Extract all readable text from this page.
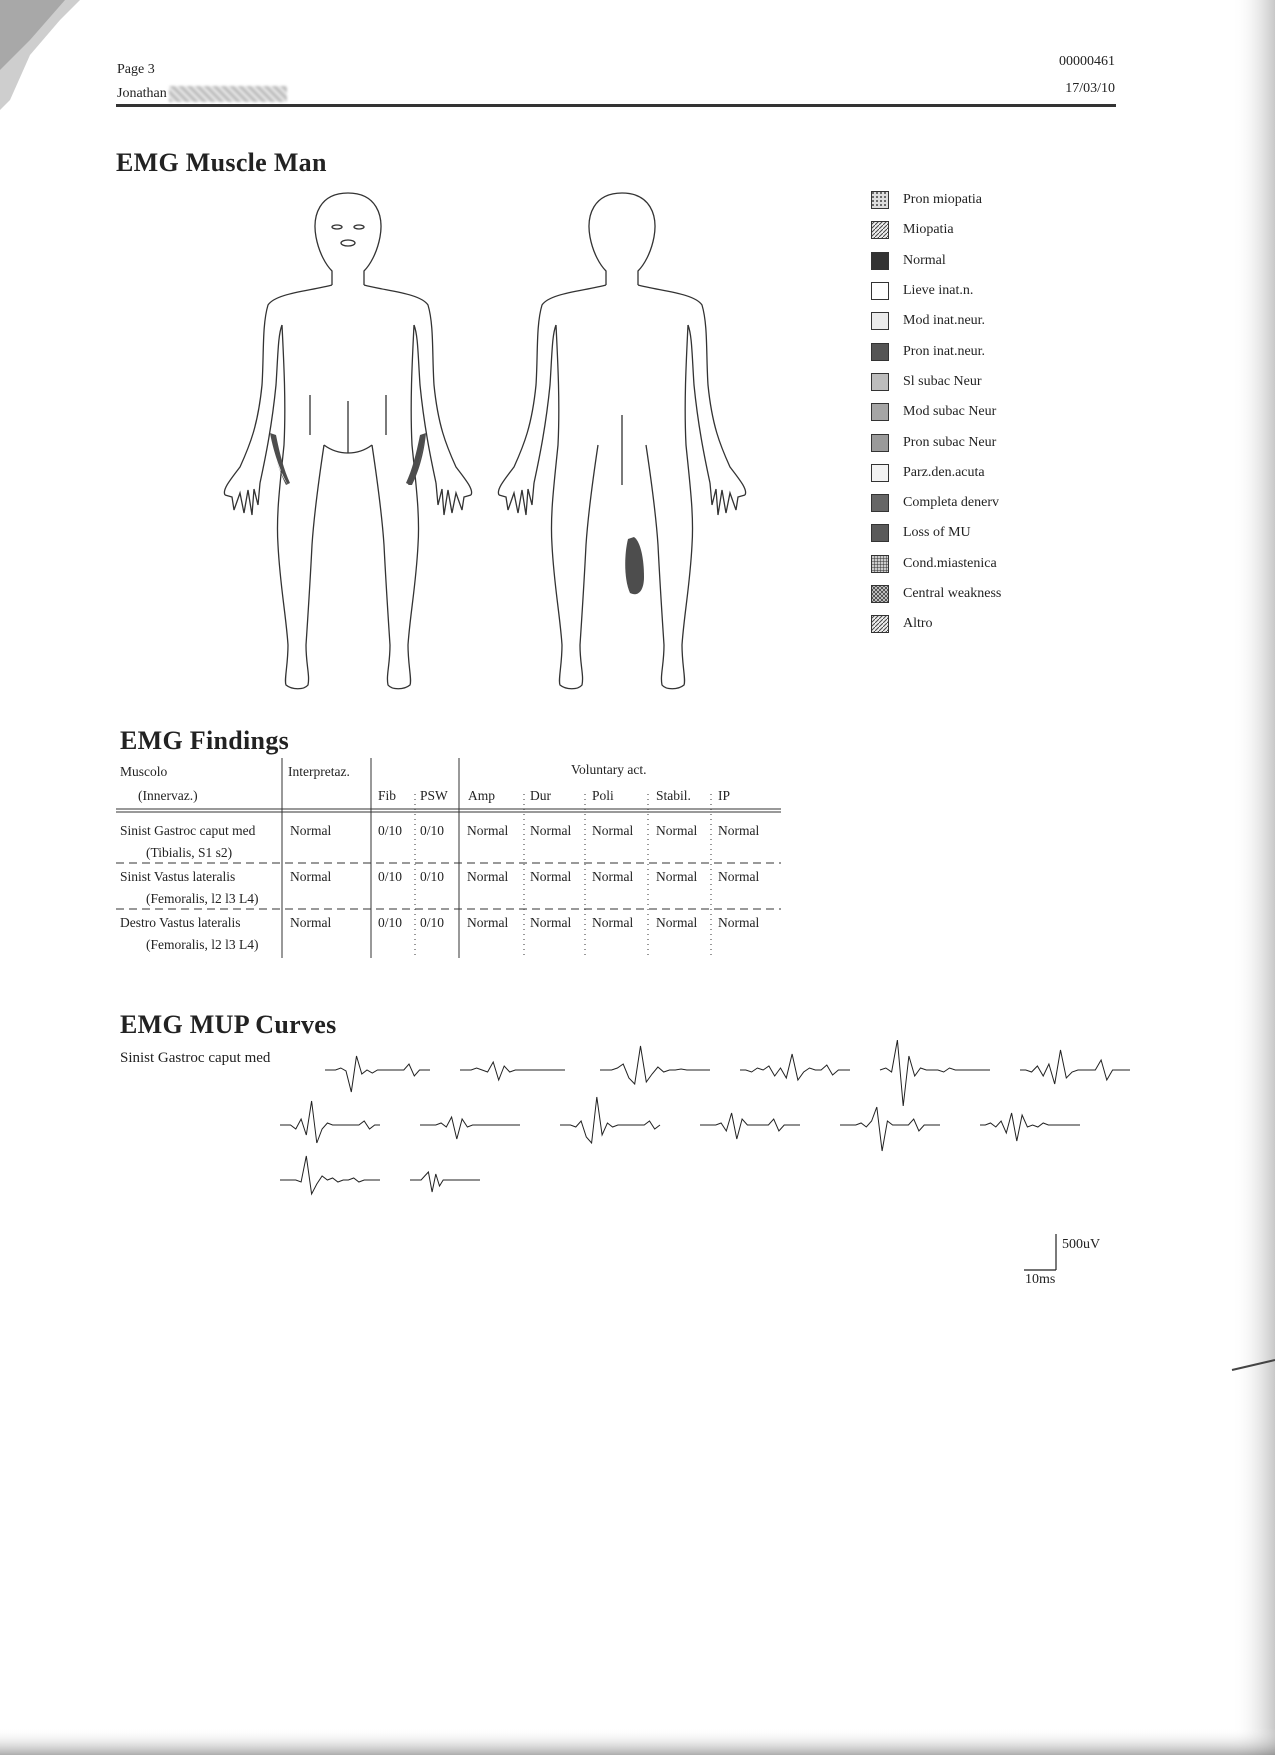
Page 3
Jonathan
00000461
17/03/10
EMG Muscle Man
Pron miopatia
Miopatia
Normal
Lieve inat.n.
Mod inat.neur.
Pron inat.neur.
Sl subac Neur
Mod subac Neur
Pron subac Neur
Parz.den.acuta
Completa denerv
Loss of MU
Cond.miastenica
Central weakness
Altro
EMG Findings
Muscolo
(Innervaz.)
Interpretaz.	Voluntary act.
Fib PSW Amp	Dur	Poli	Stabil. IP
Sinist Gastroc caput med
(Tibialis, S1 s2)
Normal	0/10 0/10 Normal Normal Normal Normal Normal
Sinist Vastus lateralis
(Femoralis, l2 l3 L4)
Normal	0/10 0/10 Normal Normal Normal Normal Normal
Destro Vastus lateralis
(Femoralis, l2 l3 L4)
Normal	0/10 0/10 Normal Normal Normal Normal Normal
EMG MUP Curves
Sinist Gastroc caput med
500uV
10ms
